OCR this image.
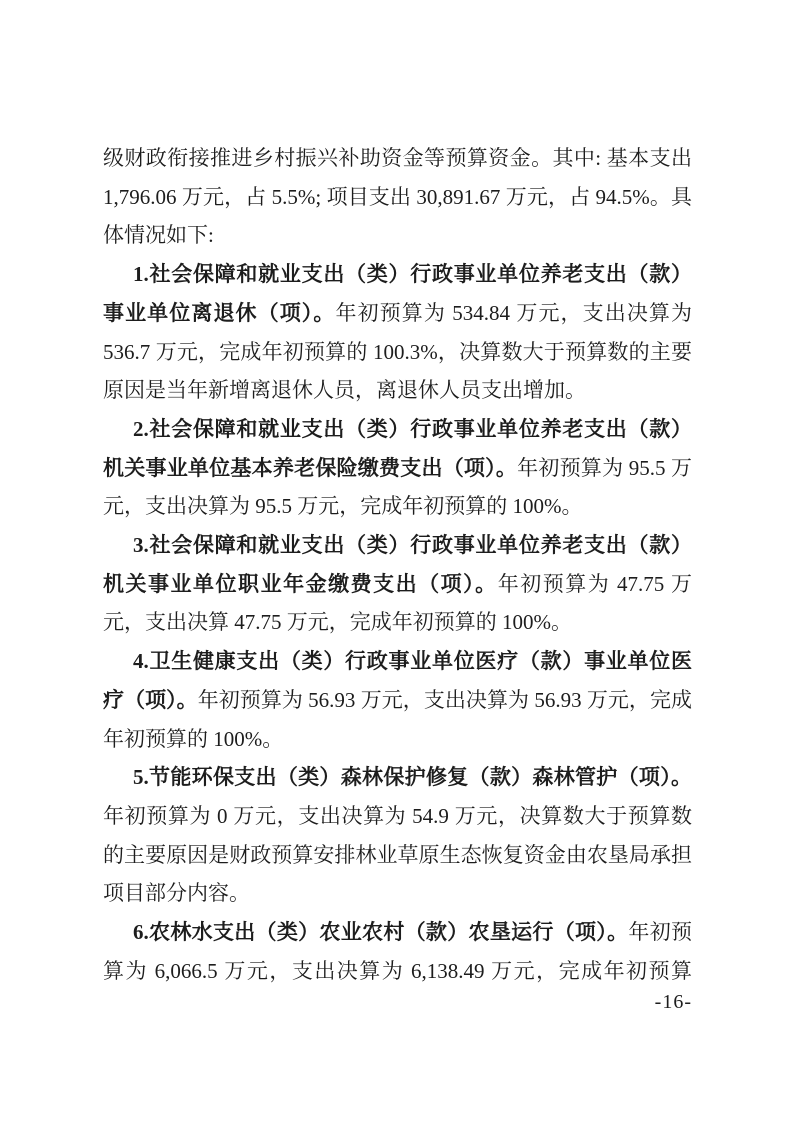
级财政衔接推进乡村振兴补助资金等预算资金。其中: 基本支出 1,796.06 万元，占 5.5%; 项目支出 30,891.67 万元，占 94.5%。具体情况如下:

1.社会保障和就业支出（类）行政事业单位养老支出（款）事业单位离退休（项）。年初预算为 534.84 万元，支出决算为 536.7 万元，完成年初预算的 100.3%，决算数大于预算数的主要原因是当年新增离退休人员，离退休人员支出增加。

2.社会保障和就业支出（类）行政事业单位养老支出（款）机关事业单位基本养老保险缴费支出（项）。年初预算为 95.5 万元，支出决算为 95.5 万元，完成年初预算的 100%。

3.社会保障和就业支出（类）行政事业单位养老支出（款）机关事业单位职业年金缴费支出（项）。年初预算为 47.75 万元，支出决算 47.75 万元，完成年初预算的 100%。

4.卫生健康支出（类）行政事业单位医疗（款）事业单位医疗（项）。年初预算为 56.93 万元，支出决算为 56.93 万元，完成年初预算的 100%。

5.节能环保支出（类）森林保护修复（款）森林管护（项）。年初预算为 0 万元，支出决算为 54.9 万元，决算数大于预算数的主要原因是财政预算安排林业草原生态恢复资金由农垦局承担项目部分内容。

6.农林水支出（类）农业农村（款）农垦运行（项）。年初预算为 6,066.5 万元，支出决算为 6,138.49 万元，完成年初预算

-16-
